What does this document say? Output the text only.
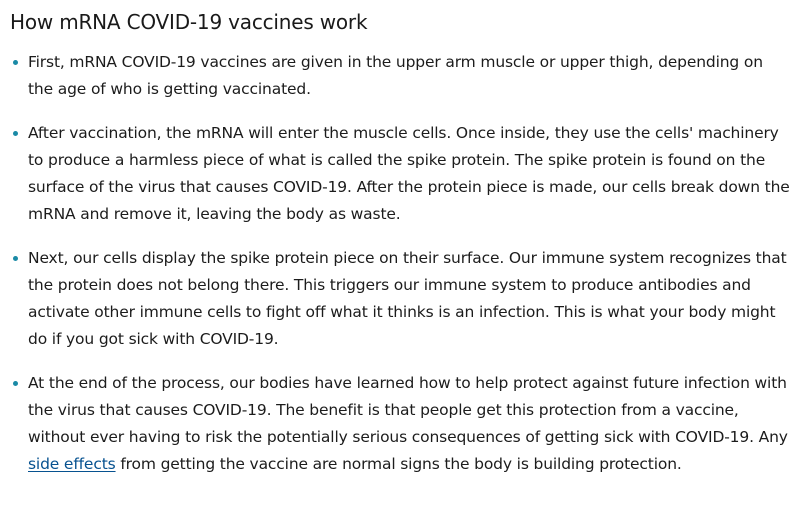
How mRNA COVID-19 vaccines work
First, mRNA COVID-19 vaccines are given in the upper arm muscle or upper thigh, depending on the age of who is getting vaccinated.
After vaccination, the mRNA will enter the muscle cells. Once inside, they use the cells' machinery to produce a harmless piece of what is called the spike protein. The spike protein is found on the surface of the virus that causes COVID-19. After the protein piece is made, our cells break down the mRNA and remove it, leaving the body as waste.
Next, our cells display the spike protein piece on their surface. Our immune system recognizes that the protein does not belong there. This triggers our immune system to produce antibodies and activate other immune cells to fight off what it thinks is an infection. This is what your body might do if you got sick with COVID-19.
At the end of the process, our bodies have learned how to help protect against future infection with the virus that causes COVID-19. The benefit is that people get this protection from a vaccine, without ever having to risk the potentially serious consequences of getting sick with COVID-19. Any side effects from getting the vaccine are normal signs the body is building protection.
